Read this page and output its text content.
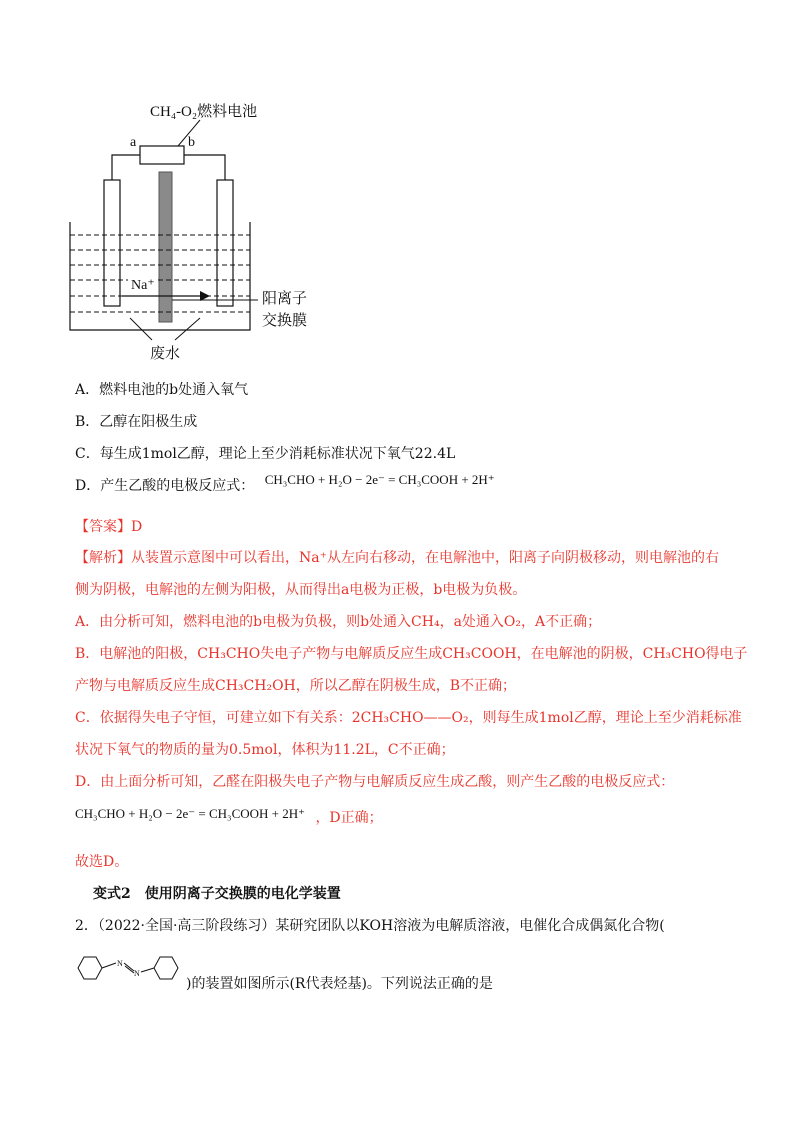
CH₄-O₂燃料电池
a	b
Na⁺
阳离子
交换膜
废水
A．燃料电池的b处通入氧气
B．乙醇在阳极生成
C．每生成1mol乙醇，理论上至少消耗标准状况下氧气22.4L
D．产生乙酸的电极反应式： CH₃CHO + H₂O − 2e⁻ = CH₃COOH + 2H⁺
【答案】D
【解析】从装置示意图中可以看出，Na⁺从左向右移动，在电解池中，阳离子向阴极移动，则电解池的右
侧为阴极，电解池的左侧为阳极，从而得出a电极为正极，b电极为负极。
A．由分析可知，燃料电池的b电极为负极，则b处通入CH₄，a处通入O₂，A不正确；
B．电解池的阳极，CH₃CHO失电子产物与电解质反应生成CH₃COOH，在电解池的阴极，CH₃CHO得电子
产物与电解质反应生成CH₃CH₂OH，所以乙醇在阴极生成，B不正确；
C．依据得失电子守恒，可建立如下有关系：2CH₃CHO——O₂，则每生成1mol乙醇，理论上至少消耗标准
状况下氧气的物质的量为0.5mol，体积为11.2L，C不正确；
D．由上面分析可知，乙醛在阳极失电子产物与电解质反应生成乙酸，则产生乙酸的电极反应式：
CH₃CHO + H₂O − 2e⁻ = CH₃COOH + 2H⁺ ，D正确；
故选D。
变式2　使用阴离子交换膜的电化学装置
2．（2022·全国·高三阶段练习）某研究团队以KOH溶液为电解质溶液，电催化合成偶氮化合物(
N
N
)的装置如图所示(R代表烃基)。下列说法正确的是
